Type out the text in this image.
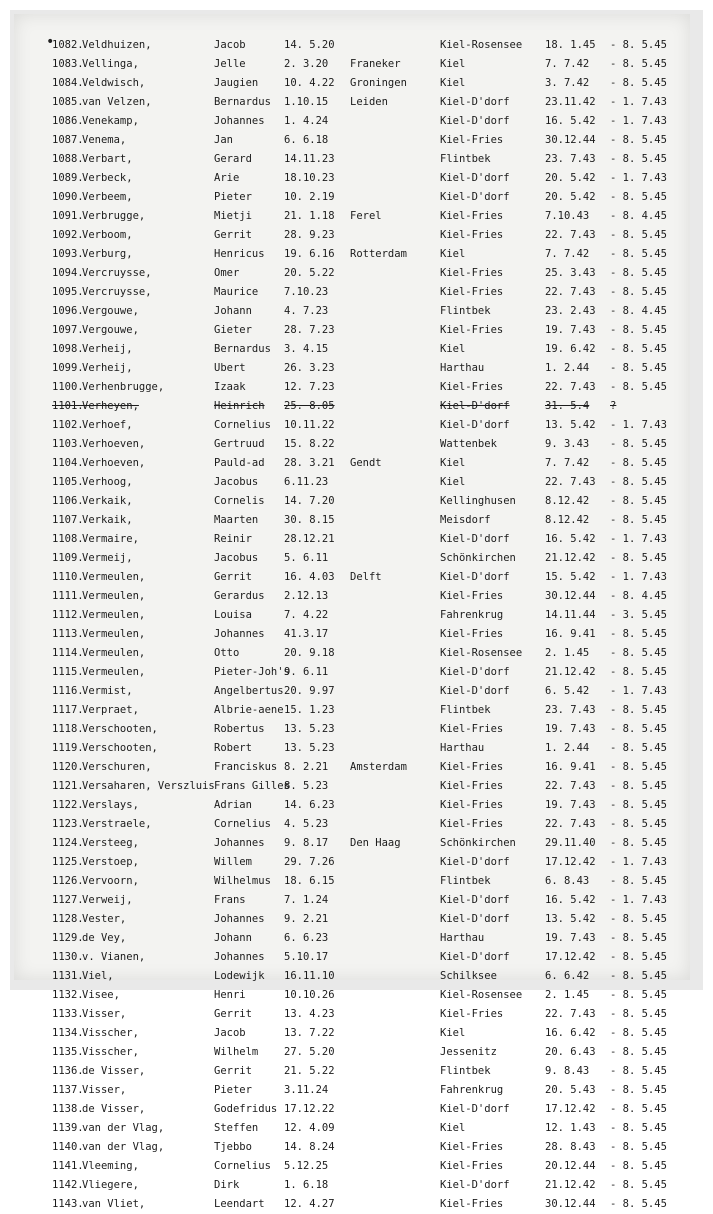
•
1082.
Veldhuizen,	Jacob	14. 5.20	Kiel-Rosensee 18. 1.45 - 8. 5.45
1083.
Vellinga,	Jelle	2. 3.20 Franeker	Kiel	7. 7.42 - 8. 5.45
1084.
Veldwisch,	Jaugien 10. 4.22 Groningen	Kiel	3. 7.42 - 8. 5.45
1085.
van Velzen,	Bernardus 1.10.15 Leiden	Kiel-D'dorf	23.11.42 - 1. 7.43
1086.
Venekamp,	Johannes 1. 4.24	Kiel-D'dorf	16. 5.42 - 1. 7.43
1087.
Venema,	Jan	6. 6.18	Kiel-Fries	30.12.44 - 8. 5.45
1088.
Verbart,	Gerard	14.11.23	Flintbek	23. 7.43 - 8. 5.45
1089.
Verbeck,	Arie	18.10.23	Kiel-D'dorf	20. 5.42 - 1. 7.43
1090.
Verbeem,	Pieter	10. 2.19	Kiel-D'dorf	20. 5.42 - 8. 5.45
1091.
Verbrugge,	Mietji	21. 1.18 Ferel	Kiel-Fries	7.10.43 - 8. 4.45
1092.
Verboom,	Gerrit	28. 9.23	Kiel-Fries	22. 7.43 - 8. 5.45
1093.
Verburg,	Henricus 19. 6.16 Rotterdam	Kiel	7. 7.42 - 8. 5.45
1094.
Vercruysse,	Omer	20. 5.22	Kiel-Fries	25. 3.43 - 8. 5.45
1095.
Vercruysse,	Maurice 7.10.23	Kiel-Fries	22. 7.43 - 8. 5.45
1096.
Vergouwe,	Johann	4. 7.23	Flintbek	23. 2.43 - 8. 4.45
1097.
Vergouwe,	Gieter	28. 7.23	Kiel-Fries	19. 7.43 - 8. 5.45
1098.
Verheij,	Bernardus 3. 4.15	Kiel	19. 6.42 - 8. 5.45
1099.
Verheij,	Ubert	26. 3.23	Harthau	1. 2.44 - 8. 5.45
1100.
Verhenbrugge,	Izaak	12. 7.23	Kiel-Fries	22. 7.43 - 8. 5.45
1101.
Verheyen,	Heinrich 25. 8.05	Kiel-D'dorf	31. 5.4 ?
1102.
Verhoef,	Cornelius 10.11.22	Kiel-D'dorf	13. 5.42 - 1. 7.43
1103.
Verhoeven,	Gertruud 15. 8.22	Wattenbek	9. 3.43 - 8. 5.45
1104.
Verhoeven,	Pauld-ad 28. 3.21 Gendt	Kiel	7. 7.42 - 8. 5.45
1105.
Verhoog,	Jacobus 6.11.23	Kiel	22. 7.43 - 8. 5.45
1106.
Verkaik,	Cornelis 14. 7.20	Kellinghusen	8.12.42 - 8. 5.45
1107.
Verkaik,	Maarten 30. 8.15	Meisdorf	8.12.42 - 8. 5.45
1108.
Vermaire,	Reinir	28.12.21	Kiel-D'dorf	16. 5.42 - 1. 7.43
1109.
Vermeij,	Jacobus 5. 6.11	Schönkirchen	21.12.42 - 8. 5.45
1110.
Vermeulen,	Gerrit	16. 4.03 Delft	Kiel-D'dorf	15. 5.42 - 1. 7.43
1111.
Vermeulen,	Gerardus 2.12.13	Kiel-Fries	30.12.44 - 8. 4.45
1112.
Vermeulen,	Louisa	7. 4.22	Fahrenkrug	14.11.44 - 3. 5.45
1113.
Vermeulen,	Johannes 41.3.17	Kiel-Fries	16. 9.41 - 8. 5.45
1114.
Vermeulen,	Otto	20. 9.18	Kiel-Rosensee 2. 1.45 - 8. 5.45
1115.
Vermeulen,	Pieter-Joh's
9. 6.11	Kiel-D'dorf	21.12.42 - 8. 5.45
1116.
Vermist,	Angelbertus 20. 9.97	Kiel-D'dorf	6. 5.42 - 1. 7.43
1117.
Verpraet,	Albrie-aene 15. 1.23	Flintbek	23. 7.43 - 8. 5.45
1118.
Verschooten,	Robertus 13. 5.23	Kiel-Fries	19. 7.43 - 8. 5.45
1119.
Verschooten,	Robert	13. 5.23	Harthau	1. 2.44 - 8. 5.45
1120.
Verschuren,	Franciskus 8. 2.21 Amsterdam	Kiel-Fries	16. 9.41 - 8. 5.45
1121.
Versaharen, Verszluis Frans Gilles
8. 5.23	Kiel-Fries	22. 7.43 - 8. 5.45
1122.
Verslays,	Adrian	14. 6.23	Kiel-Fries	19. 7.43 - 8. 5.45
1123.
Verstraele,	Cornelius 4. 5.23	Kiel-Fries	22. 7.43 - 8. 5.45
1124.
Versteeg,	Johannes 9. 8.17 Den Haag	Schönkirchen	29.11.40 - 8. 5.45
1125.
Verstoep,	Willem	29. 7.26	Kiel-D'dorf	17.12.42 - 1. 7.43
1126.
Vervoorn,	Wilhelmus 18. 6.15	Flintbek	6. 8.43 - 8. 5.45
1127.
Verweij,	Frans	7. 1.24	Kiel-D'dorf	16. 5.42 - 1. 7.43
1128.
Vester,	Johannes 9. 2.21	Kiel-D'dorf	13. 5.42 - 8. 5.45
1129.
de Vey,	Johann	6. 6.23	Harthau	19. 7.43 - 8. 5.45
1130.
v. Vianen,	Johannes 5.10.17	Kiel-D'dorf	17.12.42 - 8. 5.45
1131.
Viel,	Lodewijk 16.11.10	Schilksee	6. 6.42 - 8. 5.45
1132.
Visee,	Henri	10.10.26	Kiel-Rosensee 2. 1.45 - 8. 5.45
1133.
Visser,	Gerrit	13. 4.23	Kiel-Fries	22. 7.43 - 8. 5.45
1134.
Visscher,	Jacob	13. 7.22	Kiel	16. 6.42 - 8. 5.45
1135.
Visscher,	Wilhelm 27. 5.20	Jessenitz	20. 6.43 - 8. 5.45
1136.
de Visser,	Gerrit	21. 5.22	Flintbek	9. 8.43 - 8. 5.45
1137.
Visser,	Pieter	3.11.24	Fahrenkrug	20. 5.43 - 8. 5.45
1138.
de Visser,	Godefridus 17.12.22	Kiel-D'dorf	17.12.42 - 8. 5.45
1139.
van der Vlag,	Steffen 12. 4.09	Kiel	12. 1.43 - 8. 5.45
1140.
van der Vlag,	Tjebbo	14. 8.24	Kiel-Fries	28. 8.43 - 8. 5.45
1141.
Vleeming,	Cornelius 5.12.25	Kiel-Fries	20.12.44 - 8. 5.45
1142.
Vliegere,	Dirk	1. 6.18	Kiel-D'dorf	21.12.42 - 8. 5.45
1143.
van Vliet,	Leendart 12. 4.27	Kiel-Fries	30.12.44 - 8. 5.45
